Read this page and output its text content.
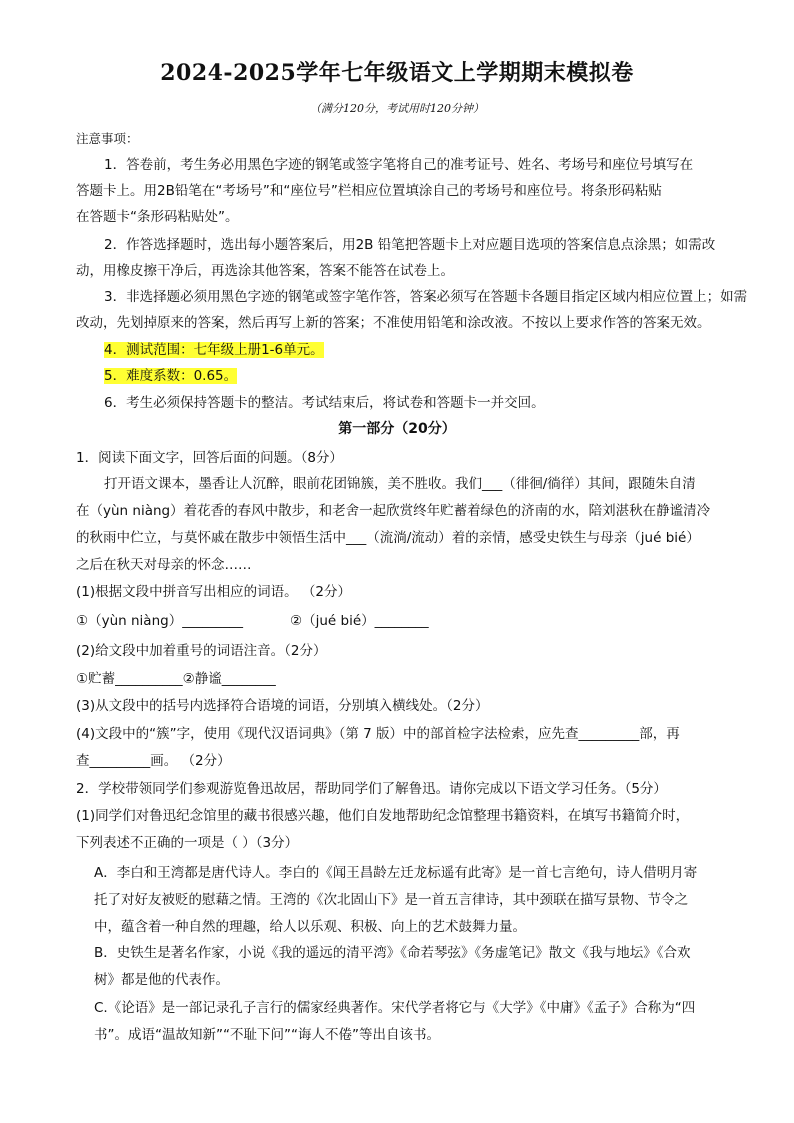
2024-2025学年七年级语文上学期期末模拟卷
（满分120分，考试用时120分钟）
注意事项：
1．答卷前，考生务必用黑色字迹的钢笔或签字笔将自己的准考证号、姓名、考场号和座位号填写在
答题卡上。用2B铅笔在“考场号”和“座位号”栏相应位置填涂自己的考场号和座位号。将条形码粘贴
在答题卡“条形码粘贴处”。
2．作答选择题时，选出每小题答案后，用2B 铅笔把答题卡上对应题目选项的答案信息点涂黑；如需改
动，用橡皮擦干净后，再选涂其他答案，答案不能答在试卷上。
3．非选择题必须用黑色字迹的钢笔或签字笔作答，答案必须写在答题卡各题目指定区域内相应位置上；如需
改动，先划掉原来的答案，然后再写上新的答案；不准使用铅笔和涂改液。不按以上要求作答的答案无效。
4．测试范围：七年级上册1-6单元。
5．难度系数：0.65。
6．考生必须保持答题卡的整洁。考试结束后，将试卷和答题卡一并交回。
第一部分（20分）
1．阅读下面文字，回答后面的问题。（8分）
打开语文课本，墨香让人沉醉，眼前花团锦簇，美不胜收。我们___（徘徊/徜徉）其间，跟随朱自清
在（yùn niàng）着花香的春风中散步，和老舍一起欣赏终年贮蓄着绿色的济南的水，陪刘湛秋在静谧清冷
的秋雨中伫立，与莫怀戚在散步中领悟生活中___（流淌/流动）着的亲情，感受史铁生与母亲（jué bié）
之后在秋天对母亲的怀念……
(1)根据文段中拼音写出相应的词语。 （2分）
①（yùn niàng）_________	②（jué bié）________
(2)给文段中加着重号的词语注音。（2分）
①贮蓄__________②静谧________
(3)从文段中的括号内选择符合语境的词语，分别填入横线处。（2分）
(4)文段中的“簇”字，使用《现代汉语词典》（第 7 版）中的部首检字法检索，应先查_________部，再
查_________画。 （2分）
2．学校带领同学们参观游览鲁迅故居，帮助同学们了解鲁迅。请你完成以下语文学习任务。（5分）
(1)同学们对鲁迅纪念馆里的藏书很感兴趣，他们自发地帮助纪念馆整理书籍资料，在填写书籍简介时，
下列表述不正确的一项是（ ）（3分）
A．李白和王湾都是唐代诗人。李白的《闻王昌龄左迁龙标遥有此寄》是一首七言绝句，诗人借明月寄
托了对好友被贬的慰藉之情。王湾的《次北固山下》是一首五言律诗，其中颈联在描写景物、节令之
中，蕴含着一种自然的理趣，给人以乐观、积极、向上的艺术鼓舞力量。
B．史铁生是著名作家，小说《我的遥远的清平湾》《命若琴弦》《务虚笔记》散文《我与地坛》《合欢
树》都是他的代表作。
C.《论语》是一部记录孔子言行的儒家经典著作。宋代学者将它与《大学》《中庸》《孟子》合称为“四
书”。成语“温故知新”“不耻下问”“诲人不倦”等出自该书。
